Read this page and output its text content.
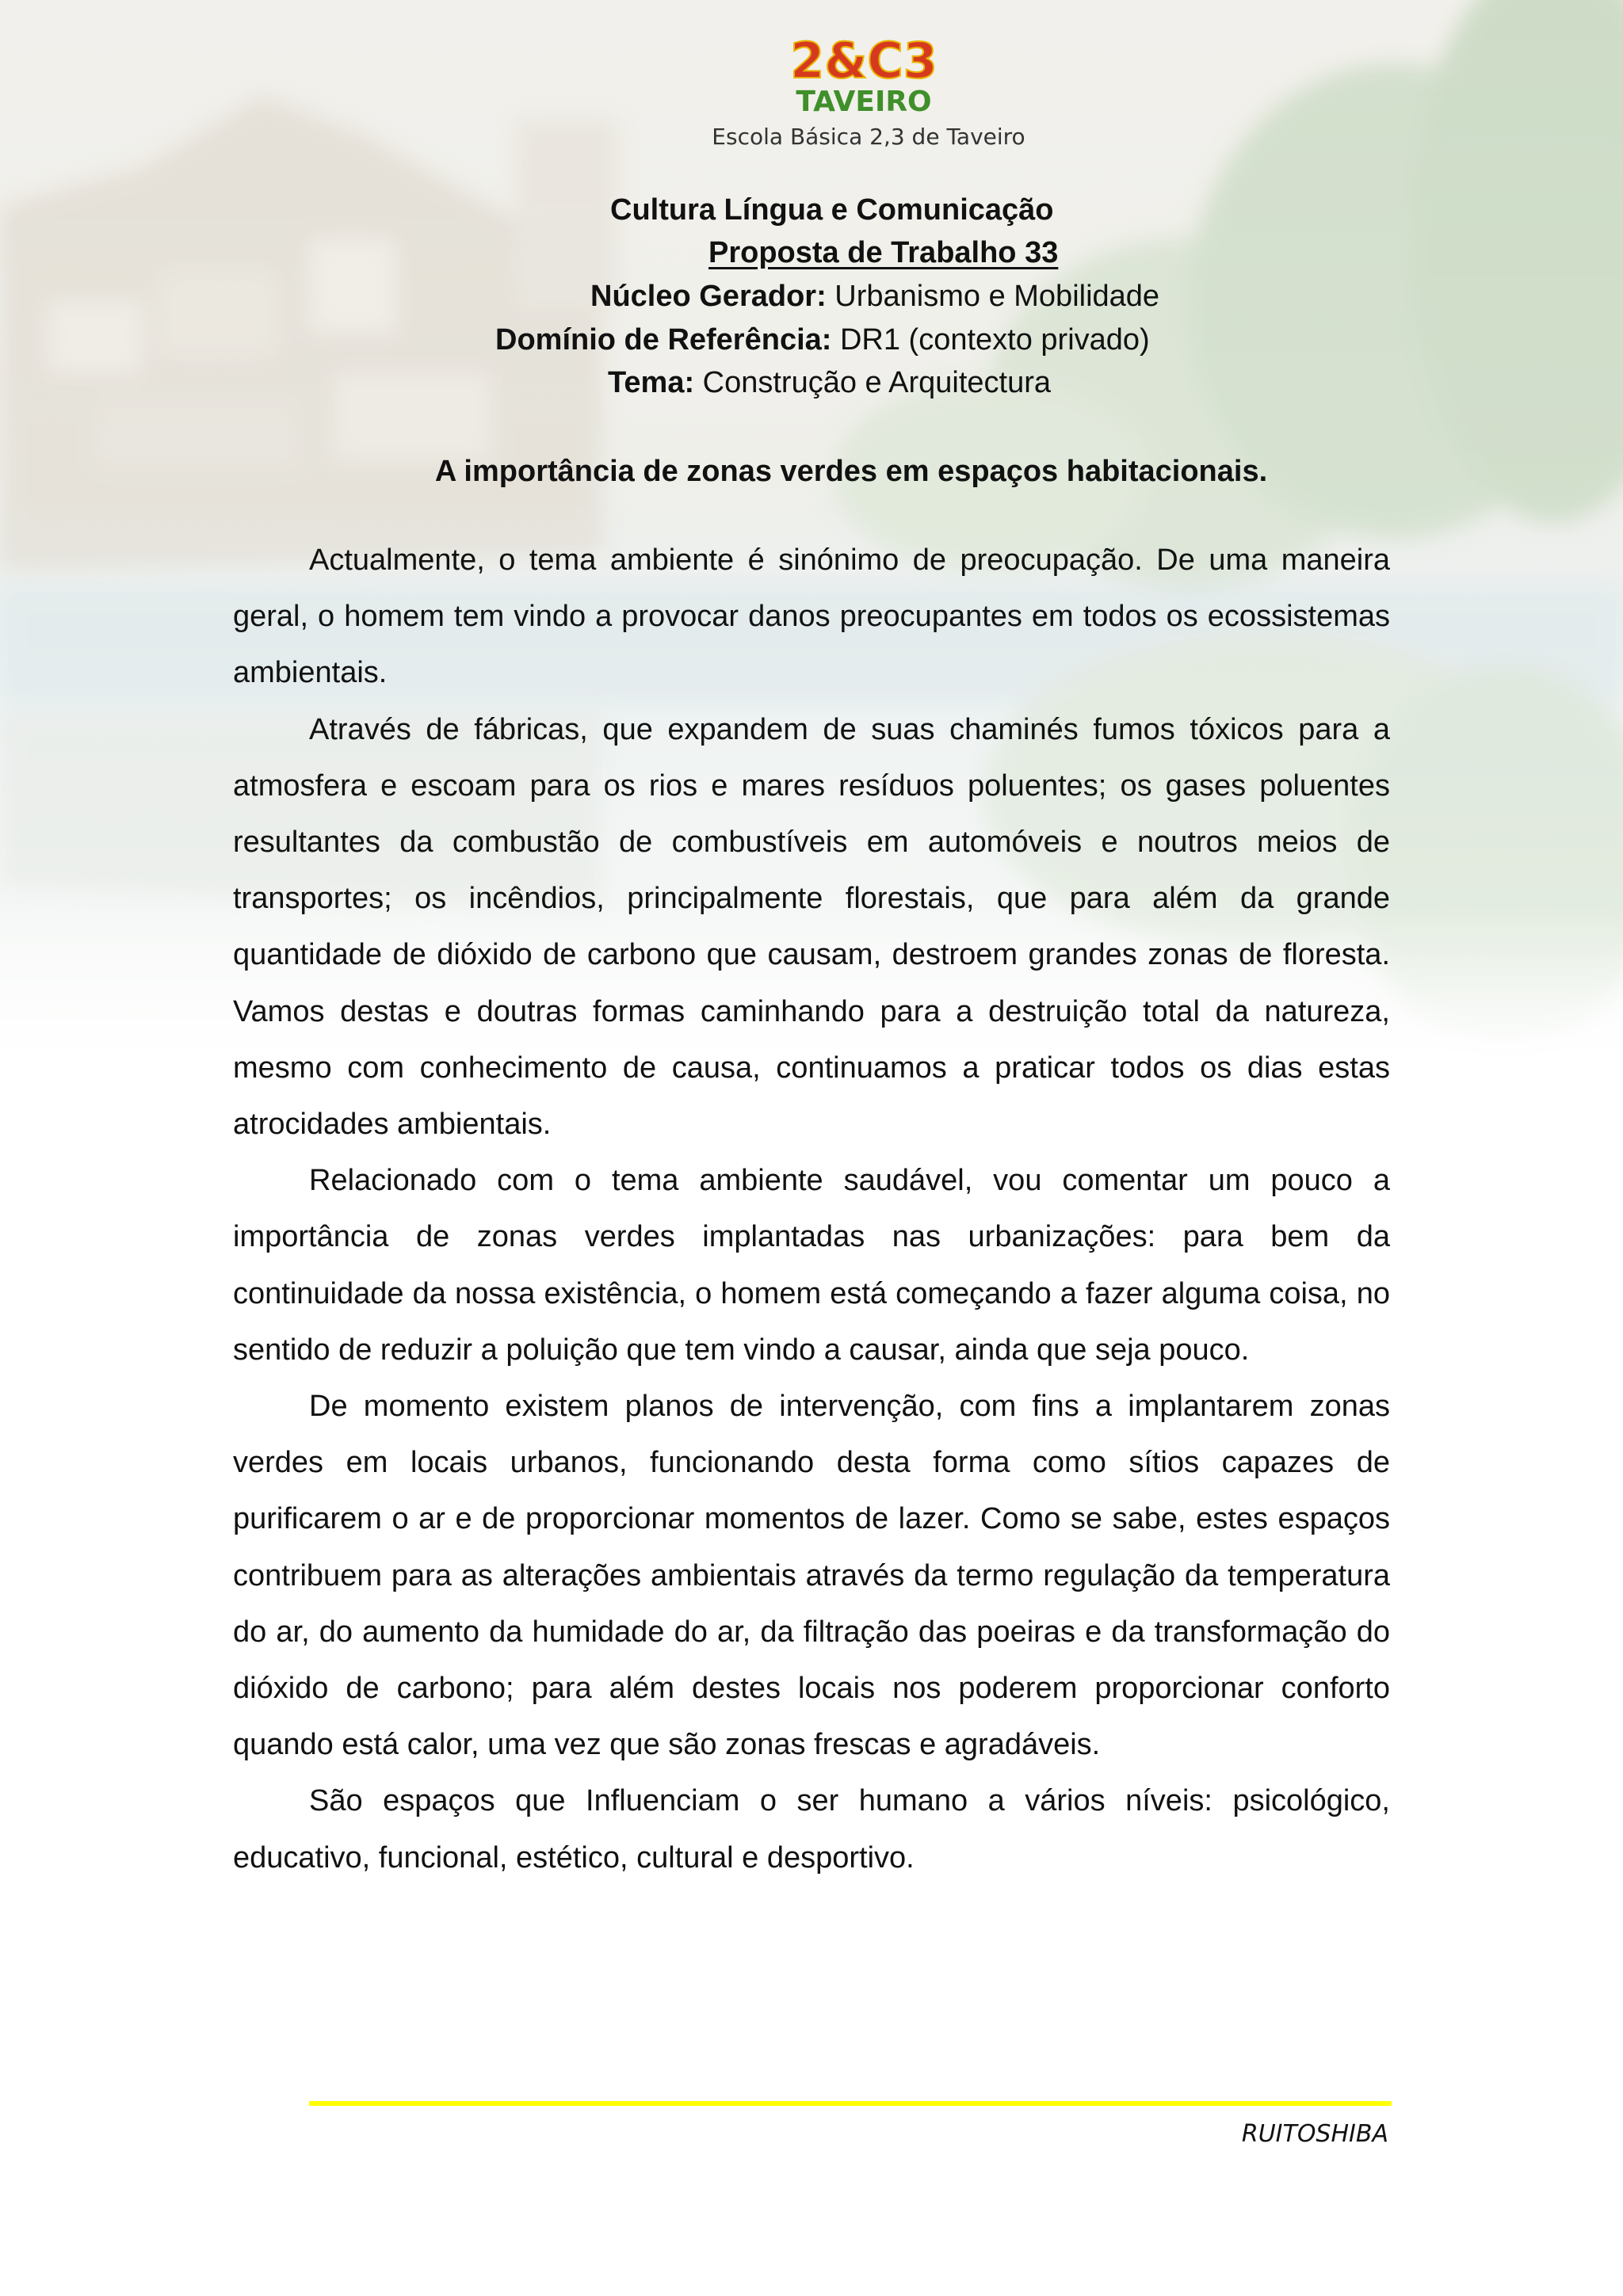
2&C3
TAVEIRO
Escola Básica 2,3 de Taveiro
Cultura Língua e Comunicação
Proposta de Trabalho 33
Núcleo Gerador: Urbanismo e Mobilidade
Domínio de Referência: DR1 (contexto privado)
Tema: Construção e Arquitectura
A importância de zonas verdes em espaços habitacionais.

Actualmente, o tema ambiente é sinónimo de preocupação. De uma maneira geral, o homem tem vindo a provocar danos preocupantes em todos os ecossistemas ambientais.

Através de fábricas, que expandem de suas chaminés fumos tóxicos para a atmosfera e escoam para os rios e mares resíduos poluentes; os gases poluentes resultantes da combustão de combustíveis em automóveis e noutros meios de transportes; os incêndios, principalmente florestais, que para além da grande quantidade de dióxido de carbono que causam, destroem grandes zonas de floresta. Vamos destas e doutras formas caminhando para a destruição total da natureza, mesmo com conhecimento de causa, continuamos a praticar todos os dias estas atrocidades ambientais.

Relacionado com o tema ambiente saudável, vou comentar um pouco a importância de zonas verdes implantadas nas urbanizações: para bem da continuidade da nossa existência, o homem está começando a fazer alguma coisa, no sentido de reduzir a poluição que tem vindo a causar, ainda que seja pouco.

De momento existem planos de intervenção, com fins a implantarem zonas verdes em locais urbanos, funcionando desta forma como sítios capazes de purificarem o ar e de proporcionar momentos de lazer. Como se sabe, estes espaços contribuem para as alterações ambientais através da termo regulação da temperatura do ar, do aumento da humidade do ar, da filtração das poeiras e da transformação do dióxido de carbono; para além destes locais nos poderem proporcionar conforto quando está calor, uma vez que são zonas frescas e agradáveis.

São espaços que Influenciam o ser humano a vários níveis: psicológico, educativo, funcional, estético, cultural e desportivo.

RUITOSHIBA
